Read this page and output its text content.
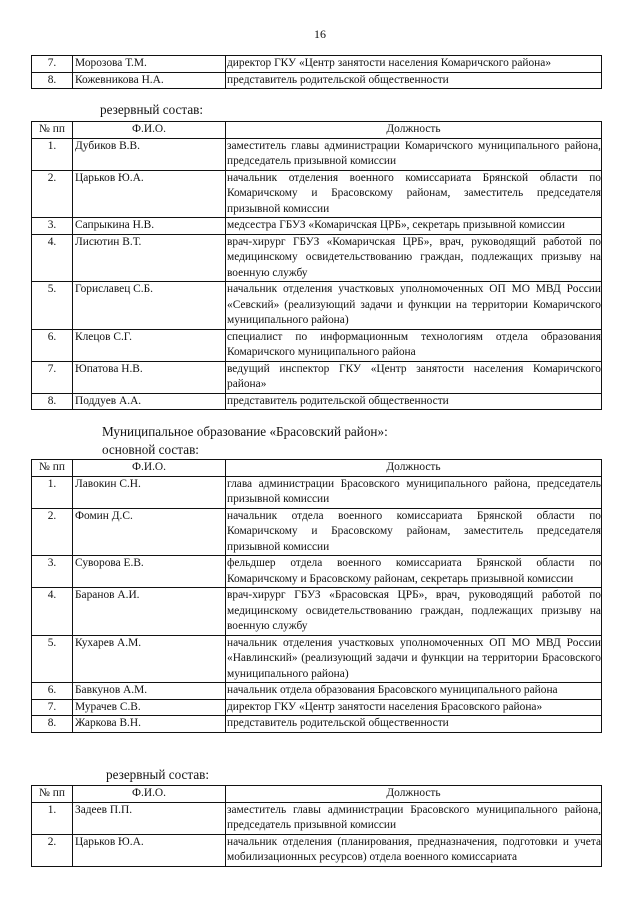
16
7.	Морозова Т.М.	директор ГКУ «Центр занятости населения Комаричского района»
8.	Кожевникова Н.А.	представитель родительской общественности
резервный состав:
№ пп	Ф.И.О.	Должность
1.	Дубиков В.В.	заместитель главы администрации Комаричского муниципального района, председатель призывной комиссии
2.	Царьков Ю.А.	начальник отделения военного комиссариата Брянской области по Комаричскому и Брасовскому районам, заместитель председателя призывной комиссии
3.	Сапрыкина Н.В.	медсестра ГБУЗ «Комаричская ЦРБ», секретарь призывной комиссии
4.	Лисютин В.Т.	врач-хирург ГБУЗ «Комаричская ЦРБ», врач, руководящий работой по медицинскому освидетельствованию граждан, подлежащих призыву на военную службу
5.	Гориславец С.Б.	начальник отделения участковых уполномоченных ОП МО МВД России «Севский» (реализующий задачи и функции на территории Комаричского муниципального района)
6.	Клецов С.Г.	специалист по информационным технологиям отдела образования Комаричского муниципального района
7.	Юпатова Н.В.	ведущий инспектор ГКУ «Центр занятости населения Комаричского района»
8.	Поддуев А.А.	представитель родительской общественности
Муниципальное образование «Брасовский район»:
основной состав:
№ пп	Ф.И.О.	Должность
1.	Лавокин С.Н.	глава администрации Брасовского муниципального района, председатель призывной комиссии
2.	Фомин Д.С.	начальник отдела военного комиссариата Брянской области по Комаричскому и Брасовскому районам, заместитель председателя призывной комиссии
3.	Суворова Е.В.	фельдшер отдела военного комиссариата Брянской области по Комаричскому и Брасовскому районам, секретарь призывной комиссии
4.	Баранов А.И.	врач-хирург ГБУЗ «Брасовская ЦРБ», врач, руководящий работой по медицинскому освидетельствованию граждан, подлежащих призыву на военную службу
5.	Кухарев А.М.	начальник отделения участковых уполномоченных ОП МО МВД России «Навлинский» (реализующий задачи и функции на территории Брасовского муниципального района)
6.	Бавкунов А.М.	начальник отдела образования Брасовского муниципального района
7.	Мурачев С.В.	директор ГКУ «Центр занятости населения Брасовского района»
8.	Жаркова В.Н.	представитель родительской общественности
резервный состав:
№ пп	Ф.И.О.	Должность
1.	Задеев П.П.	заместитель главы администрации Брасовского муниципального района, председатель призывной комиссии
2.	Царьков Ю.А.	начальник отделения (планирования, предназначения, подготовки и учета мобилизационных ресурсов) отдела военного комиссариата
